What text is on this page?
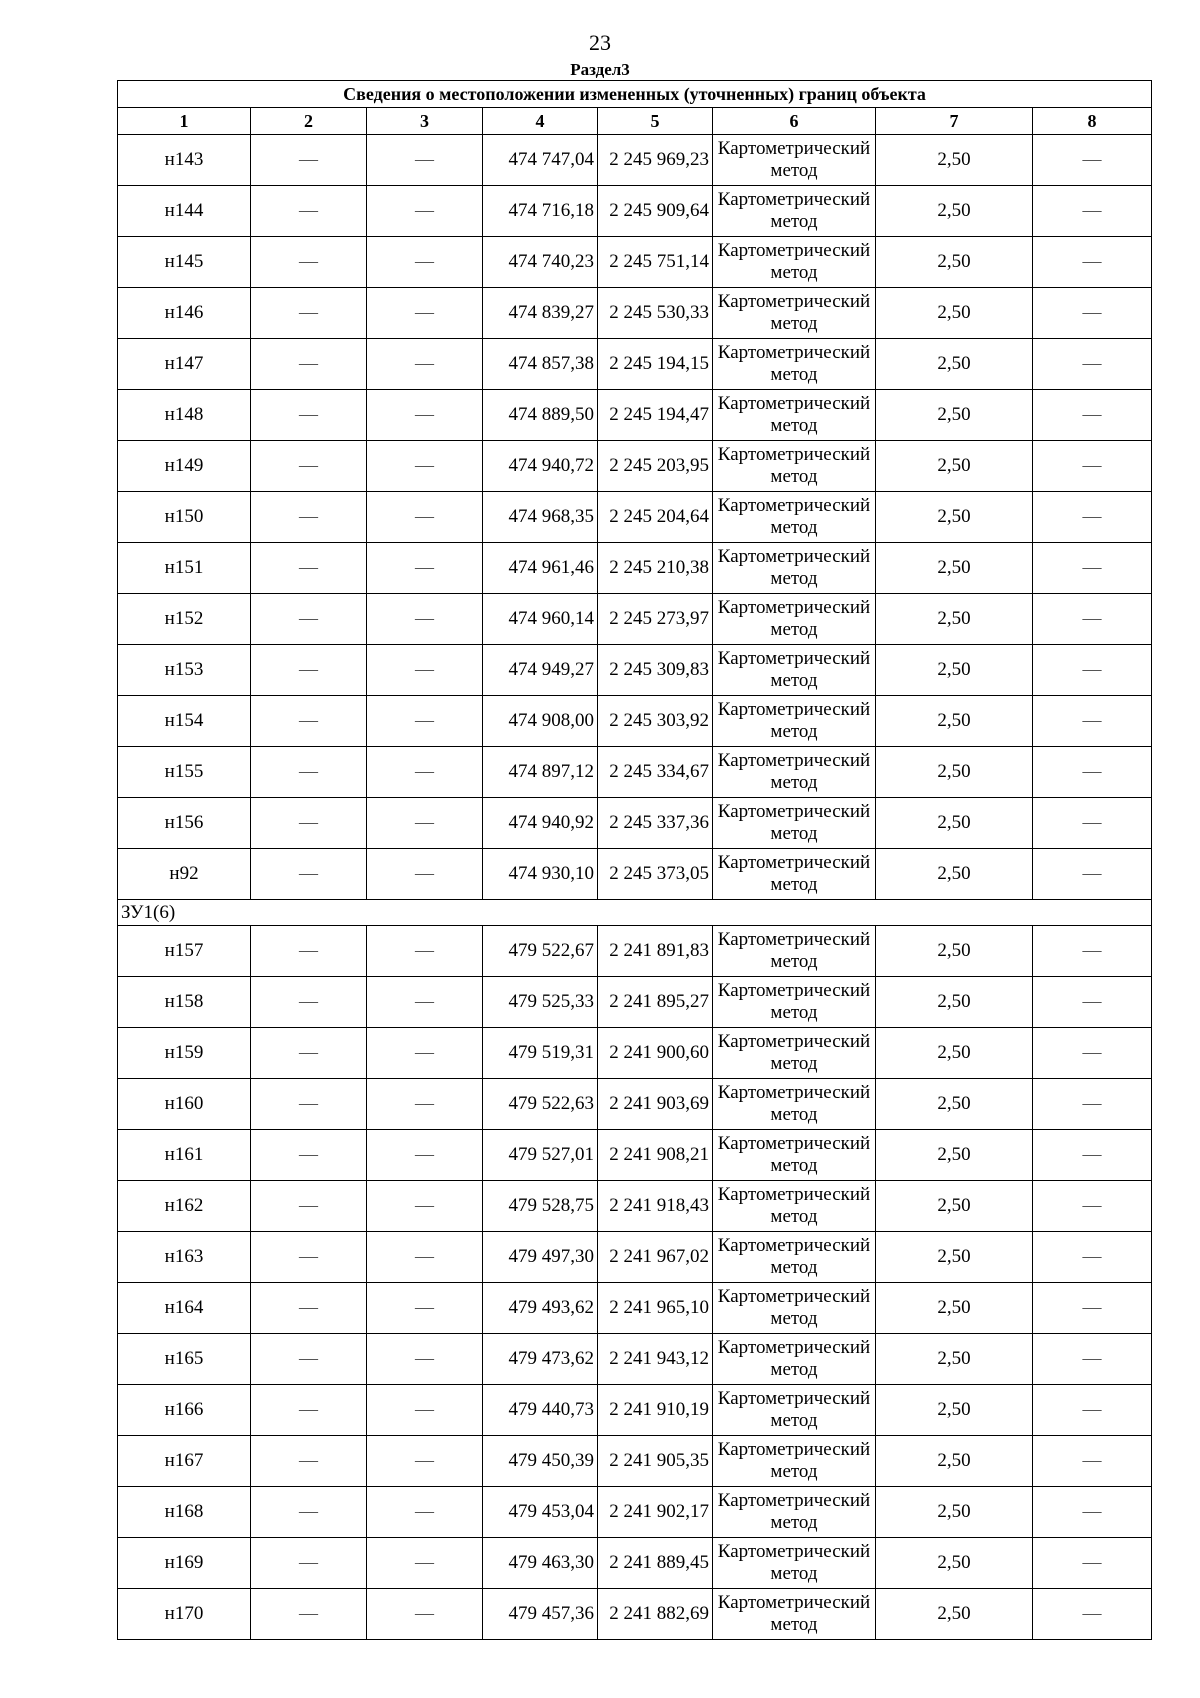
23
Раздел3
Сведения о местоположении измененных (уточненных) границ объекта							
1	2	3	4	5	6	7	8
н143	—	—	474 747,04	2 245 969,23	Картометрический метод	2,50	—
н144	—	—	474 716,18	2 245 909,64	Картометрический метод	2,50	—
н145	—	—	474 740,23	2 245 751,14	Картометрический метод	2,50	—
н146	—	—	474 839,27	2 245 530,33	Картометрический метод	2,50	—
н147	—	—	474 857,38	2 245 194,15	Картометрический метод	2,50	—
н148	—	—	474 889,50	2 245 194,47	Картометрический метод	2,50	—
н149	—	—	474 940,72	2 245 203,95	Картометрический метод	2,50	—
н150	—	—	474 968,35	2 245 204,64	Картометрический метод	2,50	—
н151	—	—	474 961,46	2 245 210,38	Картометрический метод	2,50	—
н152	—	—	474 960,14	2 245 273,97	Картометрический метод	2,50	—
н153	—	—	474 949,27	2 245 309,83	Картометрический метод	2,50	—
н154	—	—	474 908,00	2 245 303,92	Картометрический метод	2,50	—
н155	—	—	474 897,12	2 245 334,67	Картометрический метод	2,50	—
н156	—	—	474 940,92	2 245 337,36	Картометрический метод	2,50	—
н92	—	—	474 930,10	2 245 373,05	Картометрический метод	2,50	—
ЗУ1(6)							
н157	—	—	479 522,67	2 241 891,83	Картометрический метод	2,50	—
н158	—	—	479 525,33	2 241 895,27	Картометрический метод	2,50	—
н159	—	—	479 519,31	2 241 900,60	Картометрический метод	2,50	—
н160	—	—	479 522,63	2 241 903,69	Картометрический метод	2,50	—
н161	—	—	479 527,01	2 241 908,21	Картометрический метод	2,50	—
н162	—	—	479 528,75	2 241 918,43	Картометрический метод	2,50	—
н163	—	—	479 497,30	2 241 967,02	Картометрический метод	2,50	—
н164	—	—	479 493,62	2 241 965,10	Картометрический метод	2,50	—
н165	—	—	479 473,62	2 241 943,12	Картометрический метод	2,50	—
н166	—	—	479 440,73	2 241 910,19	Картометрический метод	2,50	—
н167	—	—	479 450,39	2 241 905,35	Картометрический метод	2,50	—
н168	—	—	479 453,04	2 241 902,17	Картометрический метод	2,50	—
н169	—	—	479 463,30	2 241 889,45	Картометрический метод	2,50	—
н170	—	—	479 457,36	2 241 882,69	Картометрический метод	2,50	—
